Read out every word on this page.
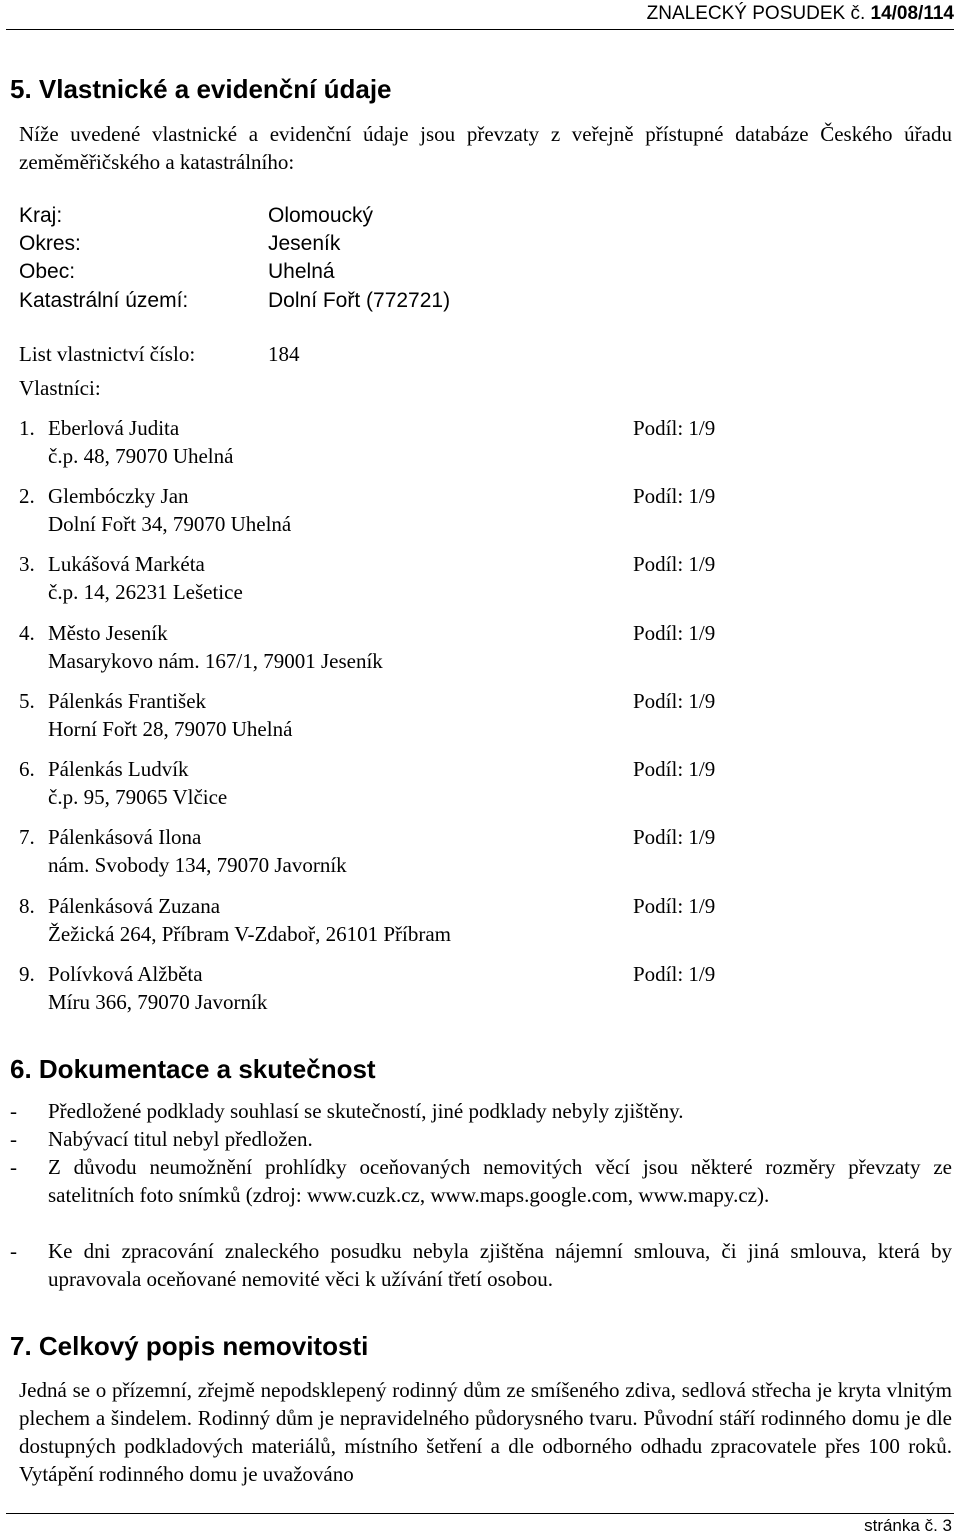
ZNALECKÝ POSUDEK č. 14/08/114
5. Vlastnické a evidenční údaje
Níže uvedené vlastnické a evidenční údaje jsou převzaty z veřejně přístupné databáze Českého úřadu zeměměřičského a katastrálního:
Kraj:	Olomoucký
Okres:	Jeseník
Obec:	Uhelná
Katastrální území:	Dolní Fořt (772721)
List vlastnictví číslo:	184
Vlastníci:
1. Eberlová Judita
č.p. 48, 79070 Uhelná
Podíl: 1/9
2. Glembóczky Jan
Dolní Fořt 34, 79070 Uhelná
Podíl: 1/9
3. Lukášová Markéta
č.p. 14, 26231 Lešetice
Podíl: 1/9
4. Město Jeseník
Masarykovo nám. 167/1, 79001 Jeseník
Podíl: 1/9
5. Pálenkás František
Horní Fořt 28, 79070 Uhelná
Podíl: 1/9
6. Pálenkás Ludvík
č.p. 95, 79065 Vlčice
Podíl: 1/9
7. Pálenkásová Ilona
nám. Svobody 134, 79070 Javorník
Podíl: 1/9
8. Pálenkásová Zuzana
Žežická 264, Příbram V-Zdaboř, 26101 Příbram
Podíl: 1/9
9. Polívková Alžběta
Míru 366, 79070 Javorník
Podíl: 1/9
6. Dokumentace a skutečnost
- Předložené podklady souhlasí se skutečností, jiné podklady nebyly zjištěny.
- Nabývací titul nebyl předložen.
- Z důvodu neumožnění prohlídky oceňovaných nemovitých věcí jsou některé rozměry převzaty ze satelitních foto snímků (zdroj: www.cuzk.cz, www.maps.google.com, www.mapy.cz).
- Ke dni zpracování znaleckého posudku nebyla zjištěna nájemní smlouva, či jiná smlouva, která by upravovala oceňované nemovité věci k užívání třetí osobou.
7. Celkový popis nemovitosti
Jedná se o přízemní, zřejmě nepodsklepený rodinný dům ze smíšeného zdiva, sedlová střecha je kryta vlnitým plechem a šindelem. Rodinný dům je nepravidelného půdorysného tvaru. Původní stáří rodinného domu je dle dostupných podkladových materiálů, místního šetření a dle odborného odhadu zpracovatele přes 100 roků. Vytápění rodinného domu je uvažováno
stránka č. 3
